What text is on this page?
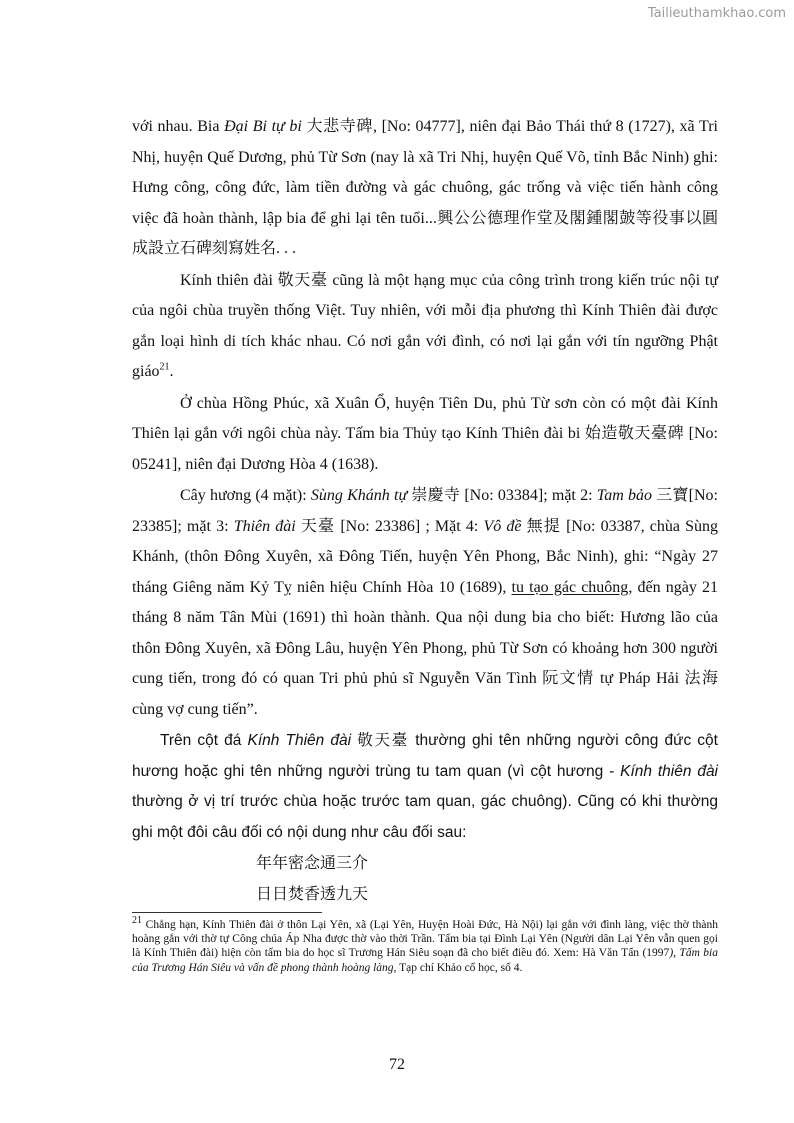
Tailieuthamkhao.com

với nhau. Bia Đại Bi tự bi 大悲寺碑, [No: 04777], niên đại Bảo Thái thứ 8 (1727), xã Tri Nhị, huyện Quế Dương, phủ Từ Sơn (nay là xã Tri Nhị, huyện Quế Võ, tỉnh Bắc Ninh) ghi: Hưng công, công đức, làm tiền đường và gác chuông, gác trống và việc tiến hành công việc đã hoàn thành, lập bia để ghi lại tên tuổi...興公公德理作堂及閣鍾閣皷等役事以圓成設立石碑刻寫姓名. . .

Kính thiên đài 敬天臺 cũng là một hạng mục của công trình trong kiến trúc nội tự của ngôi chùa truyền thống Việt. Tuy nhiên, với mỗi địa phương thì Kính Thiên đài được gắn loại hình di tích khác nhau. Có nơi gắn với đình, có nơi lại gắn với tín ngưỡng Phật giáo$^{21}$.

Ở chùa Hồng Phúc, xã Xuân Ổ, huyện Tiên Du, phủ Từ sơn còn có một đài Kính Thiên lại gắn với ngôi chùa này. Tấm bia Thủy tạo Kính Thiên đài bi 始造敬天臺碑 [No: 05241], niên đại Dương Hòa 4 (1638).

Cây hương (4 mặt): Sùng Khánh tự 崇慶寺 [No: 03384]; mặt 2: Tam bảo 三寶[No: 23385]; mặt 3: Thiên đài 天臺 [No: 23386] ; Mặt 4: Vô đề 無提 [No: 03387, chùa Sùng Khánh, (thôn Đông Xuyên, xã Đông Tiến, huyện Yên Phong, Bắc Ninh), ghi: “Ngày 27 tháng Giêng năm Kỷ Tỵ niên hiệu Chính Hòa 10 (1689), tu tạo gác chuông, đến ngày 21 tháng 8 năm Tân Mùi (1691) thì hoàn thành. Qua nội dung bia cho biết: Hương lão của thôn Đông Xuyên, xã Đông Lâu, huyện Yên Phong, phủ Từ Sơn có khoảng hơn 300 người cung tiến, trong đó có quan Tri phủ phủ sĩ Nguyễn Văn Tình 阮文情 tự Pháp Hải 法海 cùng vợ cung tiến”.

Trên cột đá Kính Thiên đài 敬天臺 thường ghi tên những người công đức cột hương hoặc ghi tên những người trùng tu tam quan (vì cột hương - Kính thiên đài thường ở vị trí trước chùa hoặc trước tam quan, gác chuông). Cũng có khi thường ghi một đôi câu đối có nội dung như câu đối sau:

年年密念通三介
日日焚香透九天
$^{21}$ Chẳng hạn, Kính Thiên đài ở thôn Lại Yên, xã (Lại Yên, Huyện Hoài Đức, Hà Nội) lại gắn với đình làng, việc thờ thành hoàng gắn với thờ tự Công chúa Áp Nha được thờ vào thời Trần. Tấm bia tại Đình Lại Yên (Người dân Lại Yên vẫn quen gọi là Kính Thiên đài) hiện còn tấm bia do học sĩ Trương Hán Siêu soạn đã cho biết điều đó. Xem: Hà Văn Tấn (1997), Tấm bia của Trương Hán Siêu và vấn đề phong thành hoàng làng, Tạp chí Khảo cổ học, số 4.
72
